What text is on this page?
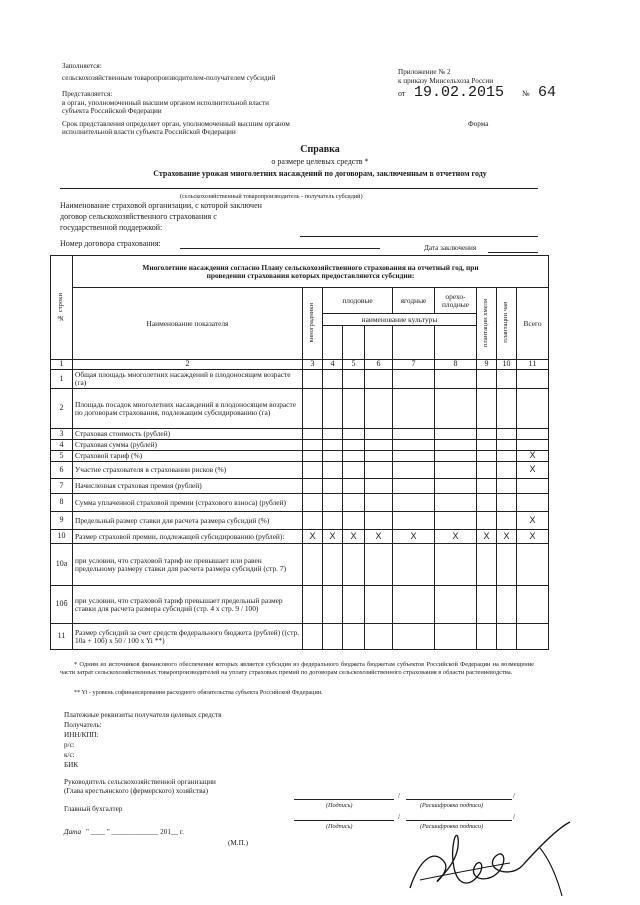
Заполняется:
сельскохозяйственным товаропроизводителем-получателем субсидий
Представляется:
в орган, уполномоченный высшим органом исполнительной власти
субъекта Российской Федерации
Срок представления определяет орган, уполномоченный высшим органом
исполнительной власти субъекта Российской Федерации
Приложение № 2
к приказу Минсельхоза России
от 19.02.2015 № 64
Форма
Справка
о размере целевых средств *
Страхование урожая многолетних насаждений по договорам, заключенным в отчетном году
(сельскохозяйственный товаропроизводитель - получатель субсидий)
Наименование страховой организации, с которой заключен
договор сельскохозяйственного страхования с
государственной поддержкой:
Номер договора страхования:	Дата заключения
№ строки	Многолетние насаждения согласно Плану сельскохозяйственного страхования на отчетный год, при
проведении страхования которых предоставляются субсидии:									

	Наименование показателя	виноградники	плодовые			ягодные	орехо-плодные	плантации хмеля	плантации чая	Всего
			наименование культуры							

1	2	3	4	5	6	7	8	9	10	11
1	Общая площадь многолетних насаждений в плодоносящем возрасте (га)									
2	Площадь посадок многолетних насаждений в плодоносящем возрасте по договорам страхования, подлежащим субсидированию (га)									
3	Страховая стоимость (рублей)									
4	Страховая сумма (рублей)									
5	Страховой тариф (%)									X
6	Участие страхователя в страховании рисков (%)									X
7	Начисленная страховая премия (рублей)									
8	Сумма уплаченной страховой премии (страхового взноса) (рублей)									
9	Предельный размер ставки для расчета размера субсидий (%)									X
10	Размер страховой премии, подлежащей субсидированию (рублей):	X	X	X	X	X	X	X	X	X
10а	при условии, что страховой тариф не превышает или равен предельному размеру ставки для расчета размера субсидий (стр. 7)									
10б	при условии, что страховой тариф превышает предельный размер ставки для расчета размера субсидий (стр. 4 x стр. 9 / 100)									
11	Размер субсидий за счет средств федерального бюджета (рублей) ((стр. 10а + 10б) x 50 / 100 x Yi **)									
* Одним из источников финансового обеспечения которых является субсидия из федерального бюджета бюджетам субъектов Российской Федерации на возмещение части затрат сельскохозяйственных товаропроизводителей на уплату страховых премий по договорам сельскохозяйственного страхования в области растениеводства.
** Yi - уровень софинансирования расходного обязательства субъекта Российской Федерации.
Платежные реквизиты получателя целевых средств
Получатель:
ИНН/КПП:
р/с:
к/с:
БИК
Руководитель сельскохозяйственной организации
(Глава крестьянского (фермерского) хозяйства)
Главный бухгалтер
/	/
(Подпись)	(Расшифровка подписи)
/	/
(Подпись)	(Расшифровка подписи)
Дата " ____ " _____________ 201__ г.
(М.П.)
